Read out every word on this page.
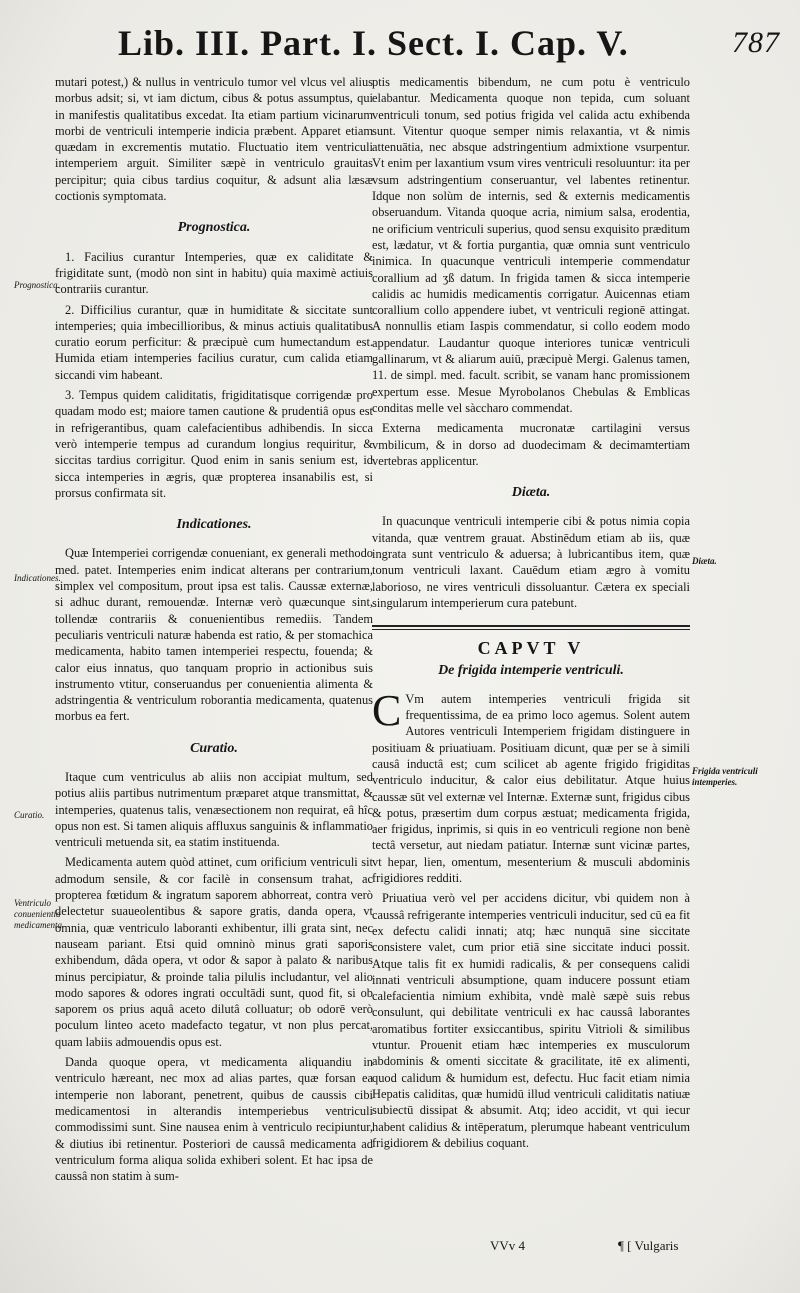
Lib. III. Part. I. Sect. I. Cap. V.	787

mutari potest,) & nullus in ventriculo tumor vel vlcus vel alius morbus adsit; si, vt iam dictum, cibus & potus assumptus, qui in manifestis qualitatibus excedat. Ita etiam partium vicinarum morbi de ventriculi intemperie indicia præbent. Apparet etiam quædam in excrementis mutatio. Fluctuatio item ventriculi intemperiem arguit. Similiter sæpè in ventriculo grauitas percipitur; quia cibus tardius coquitur, & adsunt alia læsæ coctionis symptomata.

Prognostica.

1. Facilius curantur Intemperies, quæ ex caliditate & frigiditate sunt, (modò non sint in habitu) quia maximè actiuis contrariis curantur.

2. Difficilius curantur, quæ in humiditate & siccitate sunt intemperies; quia imbecillioribus, & minus actiuis qualitatibus curatio eorum perficitur: & præcipuè cum humectandum est. Humida etiam intemperies facilius curatur, cum calida etiam siccandi vim habeant.

3. Tempus quidem caliditatis, frigiditatisque corrigendæ pro quadam modo est; maiore tamen cautione & prudentiâ opus est in refrigerantibus, quam calefacientibus adhibendis. In sicca verò intemperie tempus ad curandum longius requiritur, & siccitas tardius corrigitur. Quod enim in sanis senium est, id sicca intemperies in ægris, quæ propterea insanabilis est, si prorsus confirmata sit.

Indicationes.

Quæ Intemperiei corrigendæ conueniant, ex generali methodo med. patet. Intemperies enim indicat alterans per contrarium, simplex vel compositum, prout ipsa est talis. Caussæ externæ, si adhuc durant, remouendæ. Internæ verò quæcunque sint, tollendæ contrariis & conuenientibus remediis. Tandem peculiaris ventriculi naturæ habenda est ratio, & per stomachica medicamenta, habito tamen intemperiei respectu, fouenda; & calor eius innatus, quo tanquam proprio in actionibus suis instrumento vtitur, conseruandus per conuenientia alimenta & adstringentia & ventriculum roborantia medicamenta, quatenus morbus ea fert.

Curatio.

Itaque cum ventriculus ab aliis non accipiat multum, sed potius aliis partibus nutrimentum præparet atque transmittat, & intemperies, quatenus talis, venæsectionem non requirat, eâ hîc opus non est. Si tamen aliquis affluxus sanguinis & inflammatio ventriculi metuenda sit, ea statim instituenda.

Medicamenta autem quòd attinet, cum orificium ventriculi sit admodum sensile, & cor facilè in consensum trahat, ac propterea fœtidum & ingratum saporem abhorreat, contra verò delectetur suaueolentibus & sapore gratis, danda opera, vt omnia, quæ ventriculo laboranti exhibentur, illi grata sint, nec nauseam pariant. Etsi quid omninò minus grati saporis exhibendum, dâda opera, vt odor & sapor à palato & naribus minus percipiatur, & proinde talia pilulis includantur, vel alio modo sapores & odores ingrati occultādi sunt, quod fit, si ob saporem os prius aquâ aceto dilutâ colluatur; ob odorē verò poculum linteo aceto madefacto tegatur, vt non plus percat, quam labiis admouendis opus est.

Danda quoque opera, vt medicamenta aliquandiu in ventriculo hæreant, nec mox ad alias partes, quæ forsan ea intemperie non laborant, penetrent, quibus de caussis cibi medicamentosi in alterandis intemperiebus ventriculi commodissimi sunt. Sine nausea enim à ventriculo recipiuntur, & diutius ibi retinentur. Posteriori de caussâ medicamenta ad ventriculum forma aliqua solida exhiberi solent. Et hac ipsa de caussâ non statim à sum-

ptis medicamentis bibendum, ne cum potu è ventriculo elabantur. Medicamenta quoque non tepida, cum soluant ventriculi tonum, sed potius frigida vel calida actu exhibenda sunt. Vitentur quoque semper nimis relaxantia, vt & nimis attenuātia, nec absque adstringentium admixtione vsurpentur. Vt enim per laxantium vsum vires ventriculi resoluuntur: ita per vsum adstringentium conseruantur, vel labentes retinentur. Idque non solùm de internis, sed & externis medicamentis obseruandum. Vitanda quoque acria, nimium salsa, erodentia, ne orificium ventriculi superius, quod sensu exquisito præditum est, lædatur, vt & fortia purgantia, quæ omnia sunt ventriculo inimica. In quacunque ventriculi intemperie commendatur corallium ad ʒß datum. In frigida tamen & sicca intemperie calidis ac humidis medicamentis corrigatur. Auicennas etiam corallium collo appendere iubet, vt ventriculi regionē attingat. A nonnullis etiam Iaspis commendatur, si collo eodem modo appendatur. Laudantur quoque interiores tunicæ ventriculi gallinarum, vt & aliarum auiū, præcipuè Mergi. Galenus tamen, 11. de simpl. med. facult. scribit, se vanam hanc promissionem expertum esse. Mesue Myrobolanos Chebulas & Emblicas conditas melle vel sàccharo commendat.

Externa medicamenta mucronatæ cartilagini versus vmbilicum, & in dorso ad duodecimam & decimamtertiam vertebras applicentur.

Diæta.

In quacunque ventriculi intemperie cibi & potus nimia copia vitanda, quæ ventrem grauat. Abstinēdum etiam ab iis, quæ ingrata sunt ventriculo & aduersa; à lubricantibus item, quæ tonum ventriculi laxant. Cauēdum etiam ægro à vomitu laborioso, ne vires ventriculi dissoluantur. Cætera ex speciali singularum intemperierum cura patebunt.

CAPVT V
De frigida intemperie ventriculi.

C Vm autem intemperies ventriculi frigida sit frequentissima, de ea primo loco agemus. Solent autem Autores ventriculi Intemperiem frigidam distinguere in positiuam & priuatiuam. Positiuam dicunt, quæ per se à simili causâ inductâ est; cum scilicet ab agente frigido frigiditas ventriculo inducitur, & calor eius debilitatur. Atque huius caussæ sūt vel externæ vel Internæ. Externæ sunt, frigidus cibus & potus, præsertim dum corpus æstuat; medicamenta frigida, aer frigidus, inprimis, si quis in eo ventriculi regione non benè tectâ versetur, aut niedam patiatur. Internæ sunt vicinæ partes, vt hepar, lien, omentum, mesenterium & musculi abdominis frigidiores redditi.

Priuatiua verò vel per accidens dicitur, vbi quidem non à caussâ refrigerante intemperies ventriculi inducitur, sed cū ea fit ex defectu calidi innati; atq; hæc nunquā sine siccitate consistere valet, cum prior etiā sine siccitate induci possit. Atque talis fit ex humidi radicalis, & per consequens calidi innati ventriculi absumptione, quam inducere possunt etiam calefacientia nimium exhibita, vndè malè sæpè suis rebus consulunt, qui debilitate ventriculi ex hac caussâ laborantes aromatibus fortiter exsiccantibus, spiritu Vitrioli & similibus vtuntur. Prouenit etiam hæc intemperies ex musculorum abdominis & omenti siccitate & gracilitate, itē ex alimenti, quod calidum & humidum est, defectu. Huc facit etiam nimia Hepatis caliditas, quæ humidū illud ventriculi caliditatis natiuæ subiectū dissipat & absumit. Atq; ideo accidit, vt qui iecur habent calidius & intēperatum, plerumque habeant ventriculum frigidiorem & debilius coquant.

Prognostica.
Indicationes.
Curatio.
Ventriculo conuenientia medicamenta.
Diæta.
Frigida ventriculi intemperies.
VVv 4	¶ [ Vulgaris
